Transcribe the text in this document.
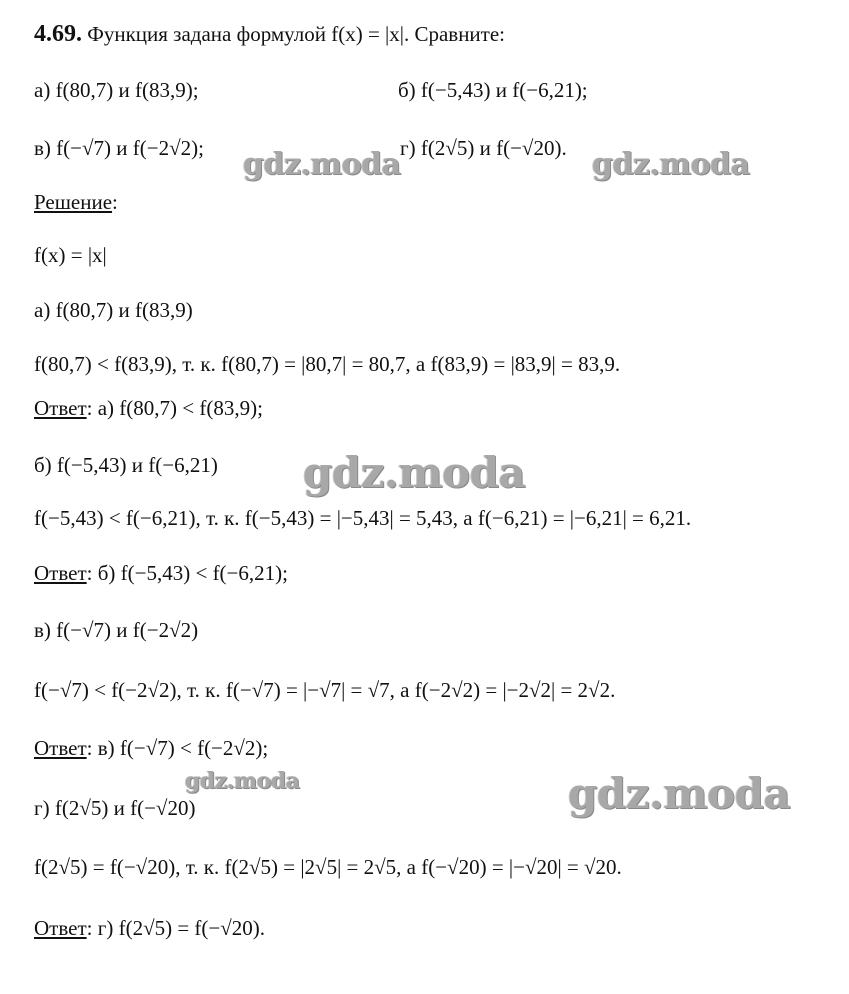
4.69. Функция задана формулой f(x) = |x|. Сравните:
а) f(80,7) и f(83,9);	б) f(−5,43) и f(−6,21);
в) f(−√7) и f(−2√2);	г) f(2√5) и f(−√20).
Решение:
f(x) = |x|
а) f(80,7) и f(83,9)
f(80,7) < f(83,9), т. к. f(80,7) = |80,7| = 80,7, а f(83,9) = |83,9| = 83,9.
Ответ: а) f(80,7) < f(83,9);
б) f(−5,43) и f(−6,21)
f(−5,43) < f(−6,21), т. к. f(−5,43) = |−5,43| = 5,43, а f(−6,21) = |−6,21| = 6,21.
Ответ: б) f(−5,43) < f(−6,21);
в) f(−√7) и f(−2√2)
f(−√7) < f(−2√2), т. к. f(−√7) = |−√7| = √7, а f(−2√2) = |−2√2| = 2√2.
Ответ: в) f(−√7) < f(−2√2);
г) f(2√5) и f(−√20)
f(2√5) = f(−√20), т. к. f(2√5) = |2√5| = 2√5, а f(−√20) = |−√20| = √20.
Ответ: г) f(2√5) = f(−√20).
gdz.moda	gdz.moda
gdz.moda
gdz.moda	gdz.moda
